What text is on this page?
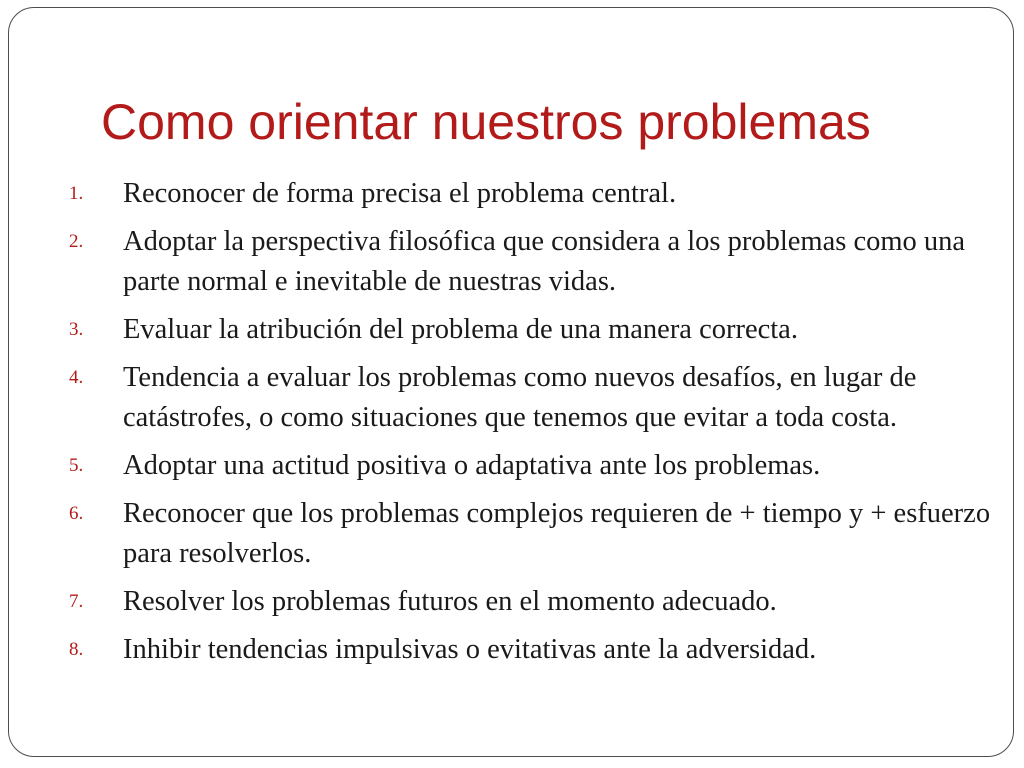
Como orientar nuestros problemas
1.	Reconocer de forma precisa el problema central.
2.	Adoptar la perspectiva filosófica que considera a los problemas como una parte normal e inevitable de nuestras vidas.
3.	Evaluar la atribución del problema de una manera correcta.
4.	Tendencia a evaluar los problemas como nuevos desafíos, en lugar de catástrofes, o como situaciones que tenemos que evitar a toda costa.
5.	Adoptar una actitud positiva o adaptativa ante los problemas.
6.	Reconocer que los problemas complejos requieren de + tiempo y + esfuerzo para resolverlos.
7.	Resolver los problemas futuros en el momento adecuado.
8.	Inhibir tendencias impulsivas o evitativas ante la adversidad.
